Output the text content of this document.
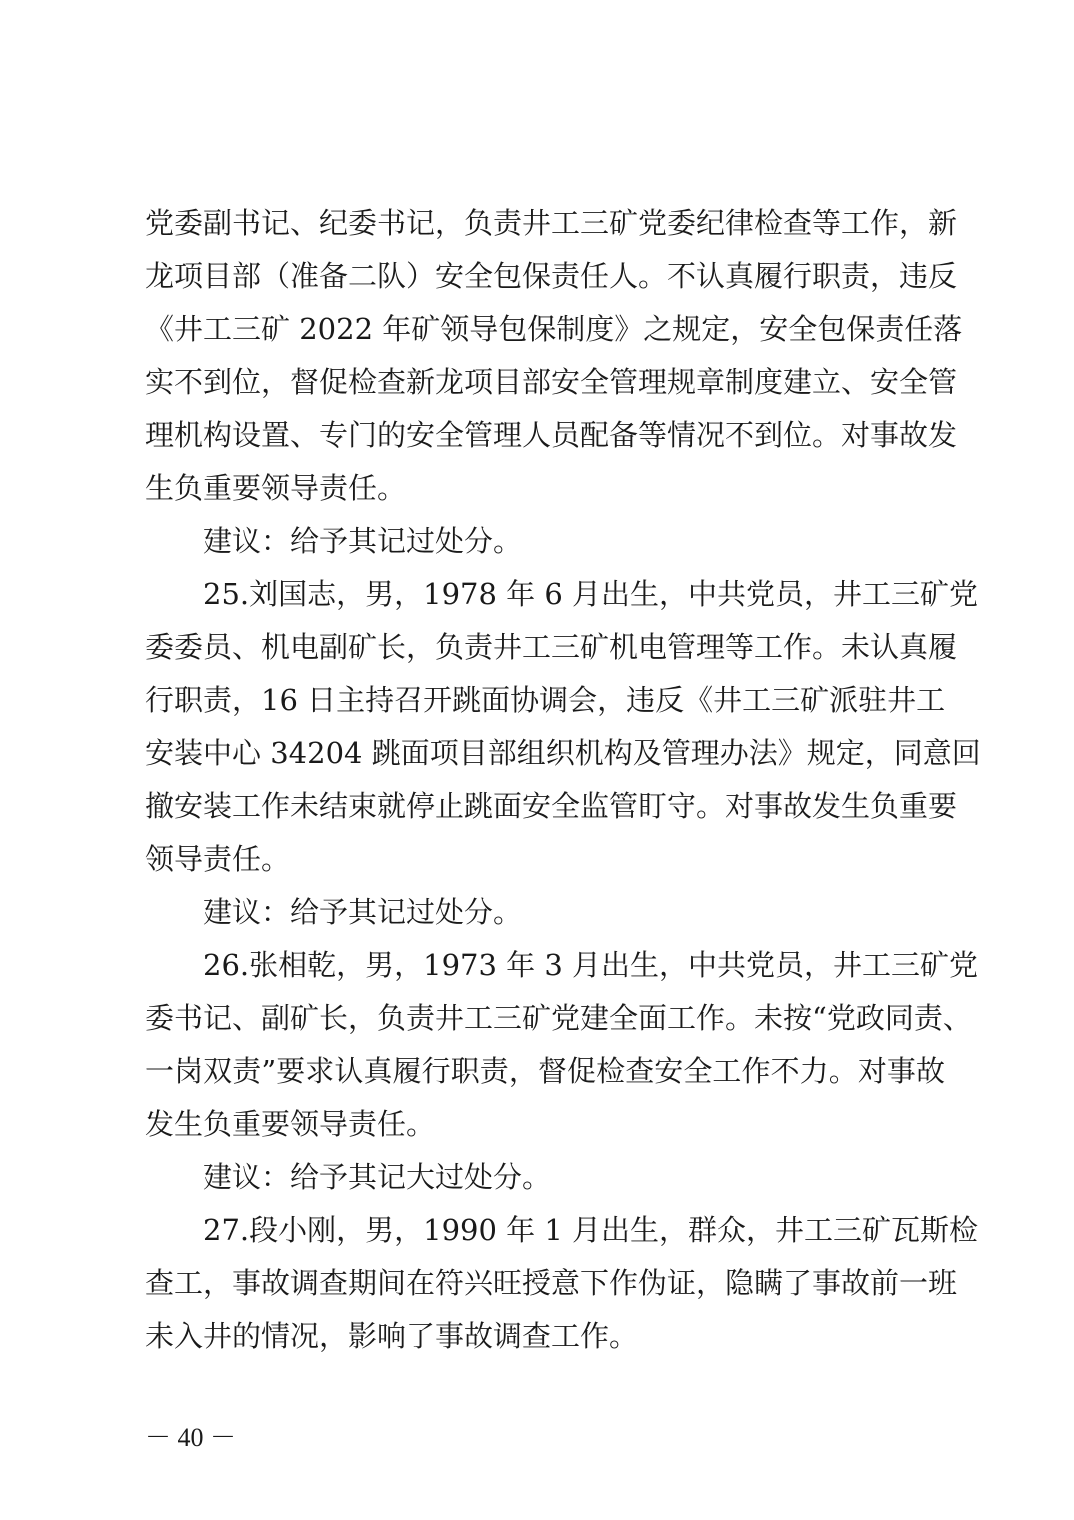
党委副书记、纪委书记，负责井工三矿党委纪律检查等工作，新
龙项目部（准备二队）安全包保责任人。不认真履行职责，违反
《井工三矿 2022 年矿领导包保制度》之规定，安全包保责任落
实不到位，督促检查新龙项目部安全管理规章制度建立、安全管
理机构设置、专门的安全管理人员配备等情况不到位。对事故发
生负重要领导责任。
建议：给予其记过处分。
25.刘国志，男，1978 年 6 月出生，中共党员，井工三矿党
委委员、机电副矿长，负责井工三矿机电管理等工作。未认真履
行职责，16 日主持召开跳面协调会，违反《井工三矿派驻井工
安装中心 34204 跳面项目部组织机构及管理办法》规定，同意回
撤安装工作未结束就停止跳面安全监管盯守。对事故发生负重要
领导责任。
建议：给予其记过处分。
26.张相乾，男，1973 年 3 月出生，中共党员，井工三矿党
委书记、副矿长，负责井工三矿党建全面工作。未按“党政同责、
一岗双责”要求认真履行职责，督促检查安全工作不力。对事故
发生负重要领导责任。
建议：给予其记大过处分。
27.段小刚，男，1990 年 1 月出生，群众，井工三矿瓦斯检
查工，事故调查期间在符兴旺授意下作伪证，隐瞒了事故前一班
未入井的情况，影响了事故调查工作。
－ 40 －
